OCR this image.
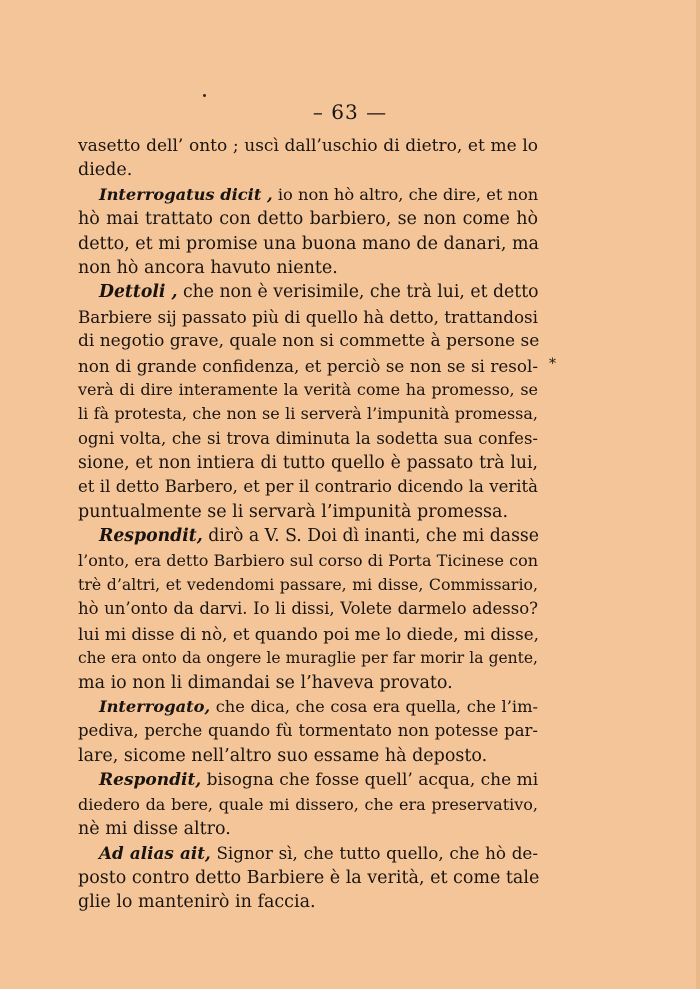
– 63 —
*
vasetto dell’ onto ; uscì dall’uschio di dietro, et me lo
diede.
Interrogatus dicit , io non hò altro, che dire, et non
hò mai trattato con detto barbiero, se non come hò
detto, et mi promise una buona mano de danari, ma
non hò ancora havuto niente.
Dettoli , che non è verisimile, che trà lui, et detto
Barbiere sij passato più di quello hà detto, trattandosi
di negotio grave, quale non si commette à persone se
non di grande confidenza, et perciò se non se si resol-
verà di dire interamente la verità come ha promesso, se
li fà protesta, che non se li serverà l’impunità promessa,
ogni volta, che si trova diminuta la sodetta sua confes-
sione, et non intiera di tutto quello è passato trà lui,
et il detto Barbero, et per il contrario dicendo la verità
puntualmente se li servarà l’impunità promessa.
Respondit, dirò a V. S. Doi dì inanti, che mi dasse
l’onto, era detto Barbiero sul corso di Porta Ticinese con
trè d’altri, et vedendomi passare, mi disse, Commissario,
hò un’onto da darvi. Io li dissi, Volete darmelo adesso?
lui mi disse di nò, et quando poi me lo diede, mi disse,
che era onto da ongere le muraglie per far morir la gente,
ma io non li dimandai se l’haveva provato.
Interrogato, che dica, che cosa era quella, che l’im-
pediva, perche quando fù tormentato non potesse par-
lare, sicome nell’altro suo essame hà deposto.
Respondit, bisogna che fosse quell’ acqua, che mi
diedero da bere, quale mi dissero, che era preservativo,
nè mi disse altro.
Ad alias ait, Signor sì, che tutto quello, che hò de-
posto contro detto Barbiere è la verità, et come tale
glie lo mantenirò in faccia.
